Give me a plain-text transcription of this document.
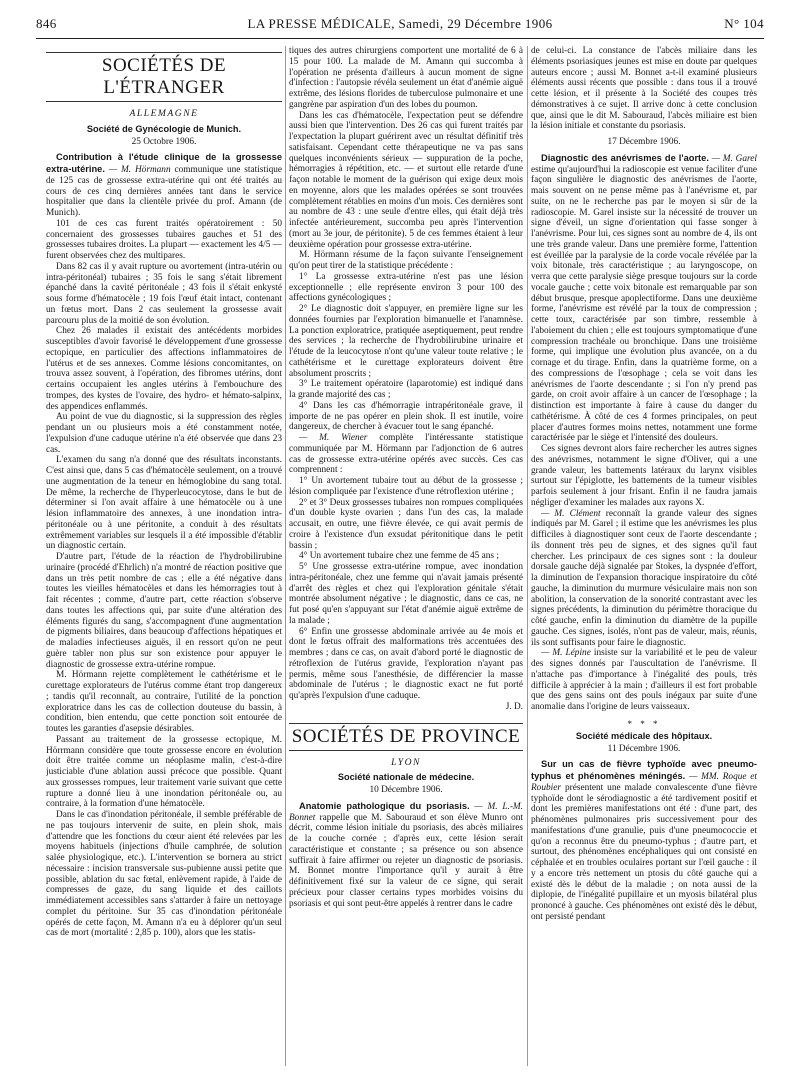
846	LA PRESSE MÉDICALE, Samedi, 29 Décembre 1906	N° 104
SOCIÉTÉS DE L'ÉTRANGER
ALLEMAGNE
Société de Gynécologie de Munich.
25 Octobre 1906.

Contribution à l'étude clinique de la grossesse extra-utérine. — M. Hörmann communique une statistique de 125 cas de grossesse extra-utérine qui ont été traités au cours de ces cinq dernières années tant dans le service hospitalier que dans la clientèle privée du prof. Amann (de Munich).

101 de ces cas furent traités opératoirement : 50 concernaient des grossesses tubaires gauches et 51 des grossesses tubaires droites. La plupart — exactement les 4/5 — furent observées chez des multipares.

Dans 82 cas il y avait rupture ou avortement (intra-utérin ou intra-péritonéal) tubaires ; 35 fois le sang s'était librement épanché dans la cavité péritonéale ; 43 fois il s'était enkysté sous forme d'hématocèle ; 19 fois l'œuf était intact, contenant un fœtus mort. Dans 2 cas seulement la grossesse avait parcouru plus de la moitié de son évolution.

Chez 26 malades il existait des antécédents morbides susceptibles d'avoir favorisé le développement d'une grossesse ectopique, en particulier des affections inflammatoires de l'utérus et de ses annexes. Comme lésions concomitantes, on trouva assez souvent, à l'opération, des fibromes utérins, dont certains occupaient les angles utérins à l'embouchure des trompes, des kystes de l'ovaire, des hydro- et hémato-salpinx, des appendices enflammés.

Au point de vue du diagnostic, si la suppression des règles pendant un ou plusieurs mois a été constamment notée, l'expulsion d'une caduque utérine n'a été observée que dans 23 cas.

L'examen du sang n'a donné que des résultats inconstants. C'est ainsi que, dans 5 cas d'hématocèle seulement, on a trouvé une augmentation de la teneur en hémoglobine du sang total. De même, la recherche de l'hyperleucocytose, dans le but de déterminer si l'on avait affaire à une hématocèle ou à une lésion inflammatoire des annexes, à une inondation intra-péritonéale ou à une péritonite, a conduit à des résultats extrêmement variables sur lesquels il a été impossible d'établir un diagnostic certain.

D'autre part, l'étude de la réaction de l'hydrobilirubine urinaire (procédé d'Ehrlich) n'a montré de réaction positive que dans un très petit nombre de cas ; elle a été négative dans toutes les vieilles hématocèles et dans les hémorragies tout à fait récentes ; comme, d'autre part, cette réaction s'observe dans toutes les affections qui, par suite d'une altération des éléments figurés du sang, s'accompagnent d'une augmentation de pigments biliaires, dans beaucoup d'affections hépatiques et de maladies infectieuses aiguës, il en ressort qu'on ne peut guère tabler non plus sur son existence pour appuyer le diagnostic de grossesse extra-utérine rompue.

M. Hörmann rejette complètement le cathétérisme et le curettage explorateurs de l'utérus comme étant trop dangereux ; tandis qu'il reconnaît, au contraire, l'utilité de la ponction exploratrice dans les cas de collection douteuse du bassin, à condition, bien entendu, que cette ponction soit entourée de toutes les garanties d'asepsie désirables.

Passant au traitement de la grossesse ectopique, M. Hörrmann considère que toute grossesse encore en évolution doit être traitée comme un néoplasme malin, c'est-à-dire justiciable d'une ablation aussi précoce que possible. Quant aux grossesses rompues, leur traitement varie suivant que cette rupture a donné lieu à une inondation péritonéale ou, au contraire, à la formation d'une hématocèle.

Dans le cas d'inondation péritonéale, il semble préférable de ne pas toujours intervenir de suite, en plein shok, mais d'attendre que les fonctions du cœur aient été relevées par les moyens habituels (injections d'huile camphrée, de solution salée physiologique, etc.). L'intervention se bornera au strict nécessaire : incision transversale sus-pubienne aussi petite que possible, ablation du sac fœtal, enlèvement rapide, à l'aide de compresses de gaze, du sang liquide et des caillots immédiatement accessibles sans s'attarder à faire un nettoyage complet du péritoine. Sur 35 cas d'inondation péritonéale opérés de cette façon, M. Amann n'a eu à déplorer qu'un seul cas de mort (mortalité : 2,85 p. 100), alors que les statis-

tiques des autres chirurgiens comportent une mortalité de 6 à 15 pour 100. La malade de M. Amann qui succomba à l'opération ne présenta d'ailleurs à aucun moment de signe d'infection : l'autopsie révéla seulement un état d'anémie aiguë extrême, des lésions florides de tuberculose pulmonaire et une gangrène par aspiration d'un des lobes du poumon.

Dans les cas d'hématocèle, l'expectation peut se défendre aussi bien que l'intervention. Des 26 cas qui furent traités par l'expectation la plupart guérirent avec un résultat définitif très satisfaisant. Cependant cette thérapeutique ne va pas sans quelques inconvénients sérieux — suppuration de la poche, hémorragies à répétition, etc. — et surtout elle retarde d'une façon notable le moment de la guérison qui exige deux mois en moyenne, alors que les malades opérées se sont trouvées complètement rétablies en moins d'un mois. Ces dernières sont au nombre de 43 : une seule d'entre elles, qui était déjà très infectée antérieurement, succomba peu après l'intervention (mort au 3e jour, de péritonite). 5 de ces femmes étaient à leur deuxième opération pour grossesse extra-utérine.

M. Hörmann résume de la façon suivante l'enseignement qu'on peut tirer de la statistique précédente :

1° La grossesse extra-utérine n'est pas une lésion exceptionnelle ; elle représente environ 3 pour 100 des affections gynécologiques ;

2° Le diagnostic doit s'appuyer, en première ligne sur les données fournies par l'exploration bimanuelle et l'anamnèse. La ponction exploratrice, pratiquée aseptiquement, peut rendre des services ; la recherche de l'hydrobilirubine urinaire et l'étude de la leucocytose n'ont qu'une valeur toute relative ; le cathétérisme et le curettage explorateurs doivent être absolument proscrits ;

3° Le traitement opératoire (laparotomie) est indiqué dans la grande majorité des cas ;

4° Dans les cas d'hémorragie intrapéritonéale grave, il importe de ne pas opérer en plein shok. Il est inutile, voire dangereux, de chercher à évacuer tout le sang épanché.

— M. Wiener complète l'intéressante statistique communiquée par M. Hörmann par l'adjonction de 6 autres cas de grossesse extra-utérine opérés avec succès. Ces cas comprennent :

1° Un avortement tubaire tout au début de la grossesse ; lésion compliquée par l'existence d'une rétroflexion utérine ;

2° et 3° Deux grossesses tubaires non rompues compliquées d'un double kyste ovarien ; dans l'un des cas, la malade accusait, en outre, une fièvre élevée, ce qui avait permis de croire à l'existence d'un exsudat péritonitique dans le petit bassin ;

4° Un avortement tubaire chez une femme de 45 ans ;

5° Une grossesse extra-utérine rompue, avec inondation intra-péritonéale, chez une femme qui n'avait jamais présenté d'arrêt des règles et chez qui l'exploration génitale s'était montrée absolument négative ; le diagnostic, dans ce cas, ne fut posé qu'en s'appuyant sur l'état d'anémie aiguë extrême de la malade ;

6° Enfin une grossesse abdominale arrivée au 4e mois et dont le fœtus offrait des malformations très accentuées des membres ; dans ce cas, on avait d'abord porté le diagnostic de rétroflexion de l'utérus gravide, l'exploration n'ayant pas permis, même sous l'anesthésie, de différencier la masse abdominale de l'utérus ; le diagnostic exact ne fut porté qu'après l'expulsion d'une caduque.

J. D.

SOCIÉTÉS DE PROVINCE
LYON
Société nationale de médecine.
10 Décembre 1906.

Anatomie pathologique du psoriasis. — M. L.-M. Bonnet rappelle que M. Sabouraud et son élève Munro ont décrit, comme lésion initiale du psoriasis, des abcès miliaires de la couche cornée ; d'après eux, cette lésion serait caractéristique et constante ; sa présence ou son absence suffirait à faire affirmer ou rejeter un diagnostic de psoriasis. M. Bonnet montre l'importance qu'il y aurait à être définitivement fixé sur la valeur de ce signe, qui serait précieux pour classer certains types morbides voisins du psoriasis et qui sont peut-être appelés à rentrer dans le cadre

de celui-ci. La constance de l'abcès miliaire dans les éléments psoriasiques jeunes est mise en doute par quelques auteurs encore ; aussi M. Bonnet a-t-il examiné plusieurs éléments aussi récents que possible : dans tous il a trouvé cette lésion, et il présente à la Société des coupes très démonstratives à ce sujet. Il arrive donc à cette conclusion que, ainsi que le dit M. Sabouraud, l'abcès miliaire est bien la lésion initiale et constante du psoriasis.

17 Décembre 1906.

Diagnostic des anévrismes de l'aorte. — M. Garel estime qu'aujourd'hui la radioscopie est venue faciliter d'une façon singulière le diagnostic des anévrismes de l'aorte, mais souvent on ne pense même pas à l'anévrisme et, par suite, on ne le recherche pas par le moyen si sûr de la radioscopie. M. Garel insiste sur la nécessité de trouver un signe d'éveil, un signe d'orientation qui fasse songer à l'anévrisme. Pour lui, ces signes sont au nombre de 4, ils ont une très grande valeur. Dans une première forme, l'attention est éveillée par la paralysie de la corde vocale révélée par la voix bitonale, très caractéristique ; au laryngoscope, on verra que cette paralysie siège presque toujours sur la corde vocale gauche ; cette voix bitonale est remarquable par son début brusque, presque apoplectiforme. Dans une deuxième forme, l'anévrisme est révélé par la toux de compression ; cette toux, caractérisée par son timbre, ressemble à l'aboiement du chien ; elle est toujours symptomatique d'une compression trachéale ou bronchique. Dans une troisième forme, qui implique une évolution plus avancée, on a du cornage et du tirage. Enfin, dans la quatrième forme, on a des compressions de l'œsophage ; cela se voit dans les anévrismes de l'aorte descendante ; si l'on n'y prend pas garde, on croit avoir affaire à un cancer de l'œsophage ; la distinction est importante à faire à cause du danger du cathétérisme. À côté de ces 4 formes principales, on peut placer d'autres formes moins nettes, notamment une forme caractérisée par le siège et l'intensité des douleurs.

Ces signes devront alors faire rechercher les autres signes des anévrismes, notamment le signe d'Oliver, qui a une grande valeur, les battements latéraux du larynx visibles surtout sur l'épiglotte, les battements de la tumeur visibles parfois seulement à jour frisant. Enfin il ne faudra jamais négliger d'examiner les malades aux rayons X.

— M. Clément reconnaît la grande valeur des signes indiqués par M. Garel ; il estime que les anévrismes les plus difficiles à diagnostiquer sont ceux de l'aorte descendante ; ils donnent très peu de signes, et des signes qu'il faut chercher. Les principaux de ces signes sont : la douleur dorsale gauche déjà signalée par Stokes, la dyspnée d'effort, la diminution de l'expansion thoracique inspiratoire du côté gauche, la diminution du murmure vésiculaire mais non son abolition, la conservation de la sonorité contrastant avec les signes précédents, la diminution du périmètre thoracique du côté gauche, enfin la diminution du diamètre de la pupille gauche. Ces signes, isolés, n'ont pas de valeur, mais, réunis, ils sont suffisants pour faire le diagnostic.

— M. Lépine insiste sur la variabilité et le peu de valeur des signes donnés par l'auscultation de l'anévrisme. Il n'attache pas d'importance à l'inégalité des pouls, très difficile à apprécier à la main ; d'ailleurs il est fort probable que des gens sains ont des pouls inégaux par suite d'une anomalie dans l'origine de leurs vaisseaux.

* * *
Société médicale des hôpitaux.
11 Décembre 1906.

Sur un cas de fièvre typhoïde avec pneumo-typhus et phénomènes méningés. — MM. Roque et Roubier présentent une malade convalescente d'une fièvre typhoïde dont le sérodiagnostic a été tardivement positif et dont les premières manifestations ont été : d'une part, des phénomènes pulmonaires pris successivement pour des manifestations d'une granulie, puis d'une pneumococcie et qu'on a reconnus être du pneumo-typhus ; d'autre part, et surtout, des phénomènes encéphaliques qui ont consisté en céphalée et en troubles oculaires portant sur l'œil gauche : il y a encore très nettement un ptosis du côté gauche qui a existé dès le début de la maladie ; on nota aussi de la diplopie, de l'inégalité pupillaire et un myosis bilatéral plus prononcé à gauche. Ces phénomènes ont existé dès le début, ont persisté pendant
